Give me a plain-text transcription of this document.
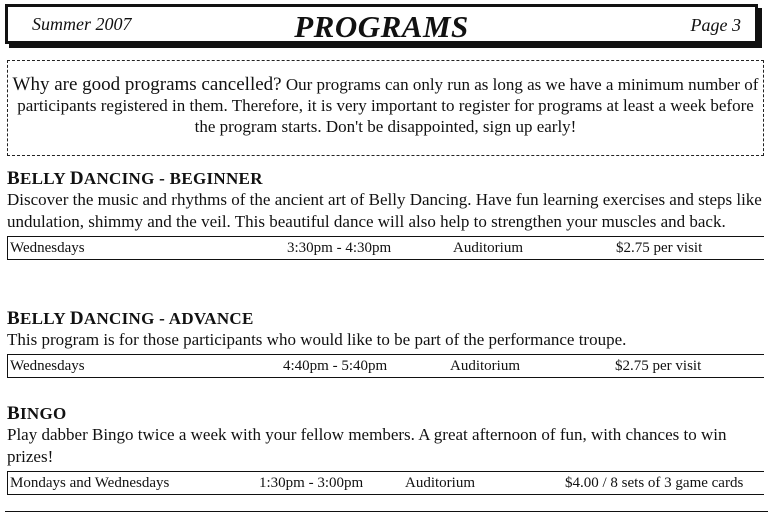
Summer 2007	PROGRAMS	Page 3
Why are good programs cancelled? Our programs can only run as long as we have a minimum number of participants registered in them. Therefore, it is very important to register for programs at least a week before the program starts. Don't be disappointed, sign up early!

BELLY DANCING - BEGINNER

Discover the music and rhythms of the ancient art of Belly Dancing. Have fun learning exercises and steps like undulation, shimmy and the veil. This beautiful dance will also help to strengthen your muscles and back.

Wednesdays	3:30pm - 4:30pm	Auditorium	$2.75 per visit

BELLY DANCING - ADVANCE

This program is for those participants who would like to be part of the performance troupe.

Wednesdays	4:40pm - 5:40pm	Auditorium	$2.75 per visit

BINGO

Play dabber Bingo twice a week with your fellow members. A great afternoon of fun, with chances to win prizes!

Mondays and Wednesdays	1:30pm - 3:00pm	Auditorium	$4.00 / 8 sets of 3 game cards
